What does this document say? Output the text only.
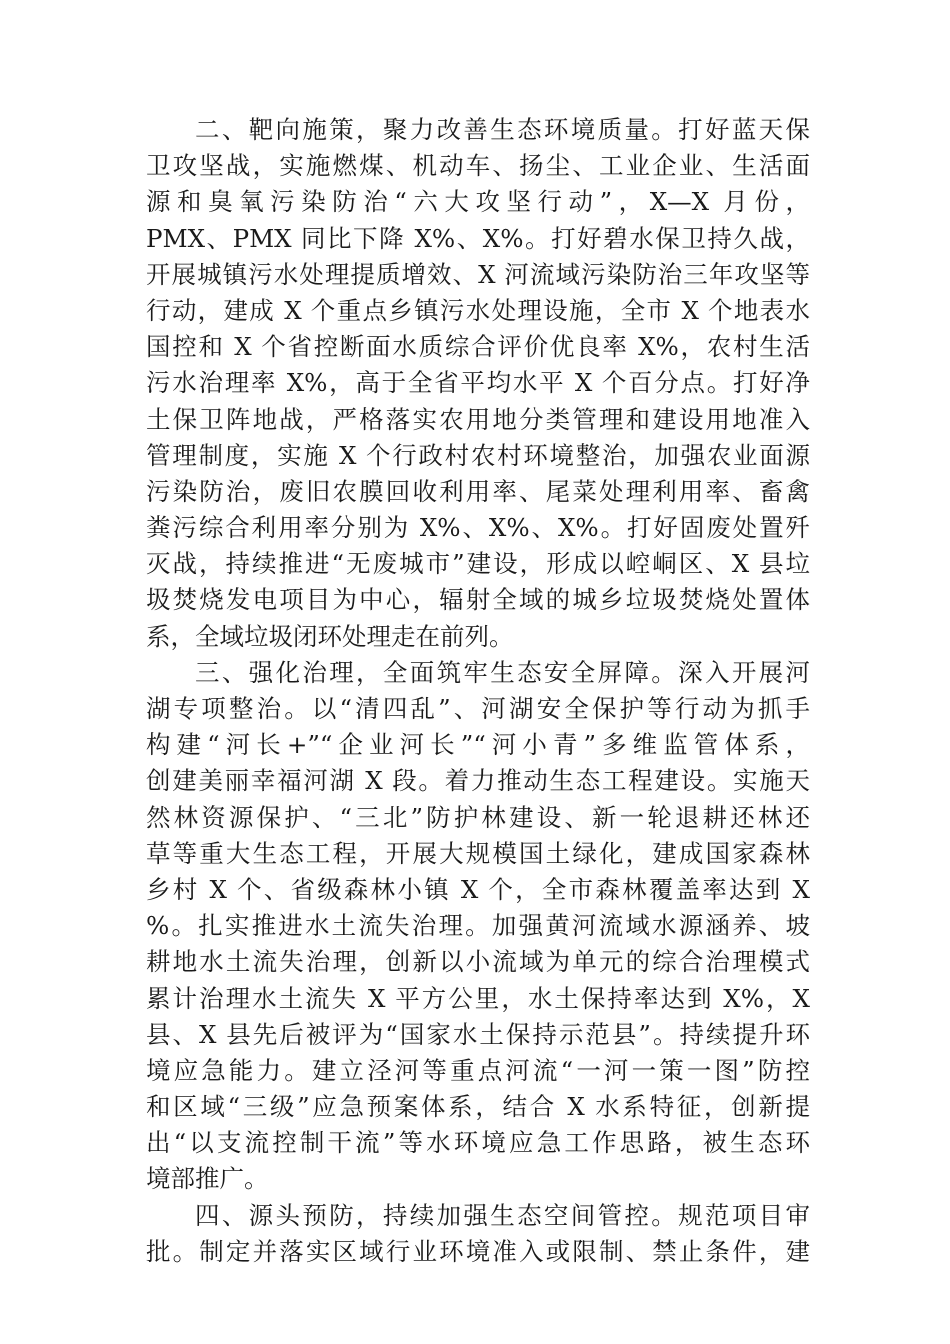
二、靶向施策，聚力改善生态环境质量。打好蓝天保
卫攻坚战，实施燃煤、机动车、扬尘、工业企业、生活面
源和臭氧污染防治“六大攻坚行动”，X—X 月份，
PMX、PMX 同比下降 X%、X%。打好碧水保卫持久战，
开展城镇污水处理提质增效、X 河流域污染防治三年攻坚等
行动，建成 X 个重点乡镇污水处理设施，全市 X 个地表水
国控和 X 个省控断面水质综合评价优良率 X%，农村生活
污水治理率 X%，高于全省平均水平 X 个百分点。打好净
土保卫阵地战，严格落实农用地分类管理和建设用地准入
管理制度，实施 X 个行政村农村环境整治，加强农业面源
污染防治，废旧农膜回收利用率、尾菜处理利用率、畜禽
粪污综合利用率分别为 X%、X%、X%。打好固废处置歼
灭战，持续推进“无废城市”建设，形成以崆峒区、X 县垃
圾焚烧发电项目为中心，辐射全域的城乡垃圾焚烧处置体
系，全域垃圾闭环处理走在前列。
三、强化治理，全面筑牢生态安全屏障。深入开展河
湖专项整治。以“清四乱”、河湖安全保护等行动为抓手
构建“河长+”“企业河长”“河小青”多维监管体系，
创建美丽幸福河湖 X 段。着力推动生态工程建设。实施天
然林资源保护、“三北”防护林建设、新一轮退耕还林还
草等重大生态工程，开展大规模国土绿化，建成国家森林
乡村 X 个、省级森林小镇 X 个，全市森林覆盖率达到 X
%。扎实推进水土流失治理。加强黄河流域水源涵养、坡
耕地水土流失治理，创新以小流域为单元的综合治理模式
累计治理水土流失 X 平方公里，水土保持率达到 X%，X
县、X 县先后被评为“国家水土保持示范县”。持续提升环
境应急能力。建立泾河等重点河流“一河一策一图”防控
和区域“三级”应急预案体系，结合 X 水系特征，创新提
出“以支流控制干流”等水环境应急工作思路，被生态环
境部推广。
四、源头预防，持续加强生态空间管控。规范项目审
批。制定并落实区域行业环境准入或限制、禁止条件，建
